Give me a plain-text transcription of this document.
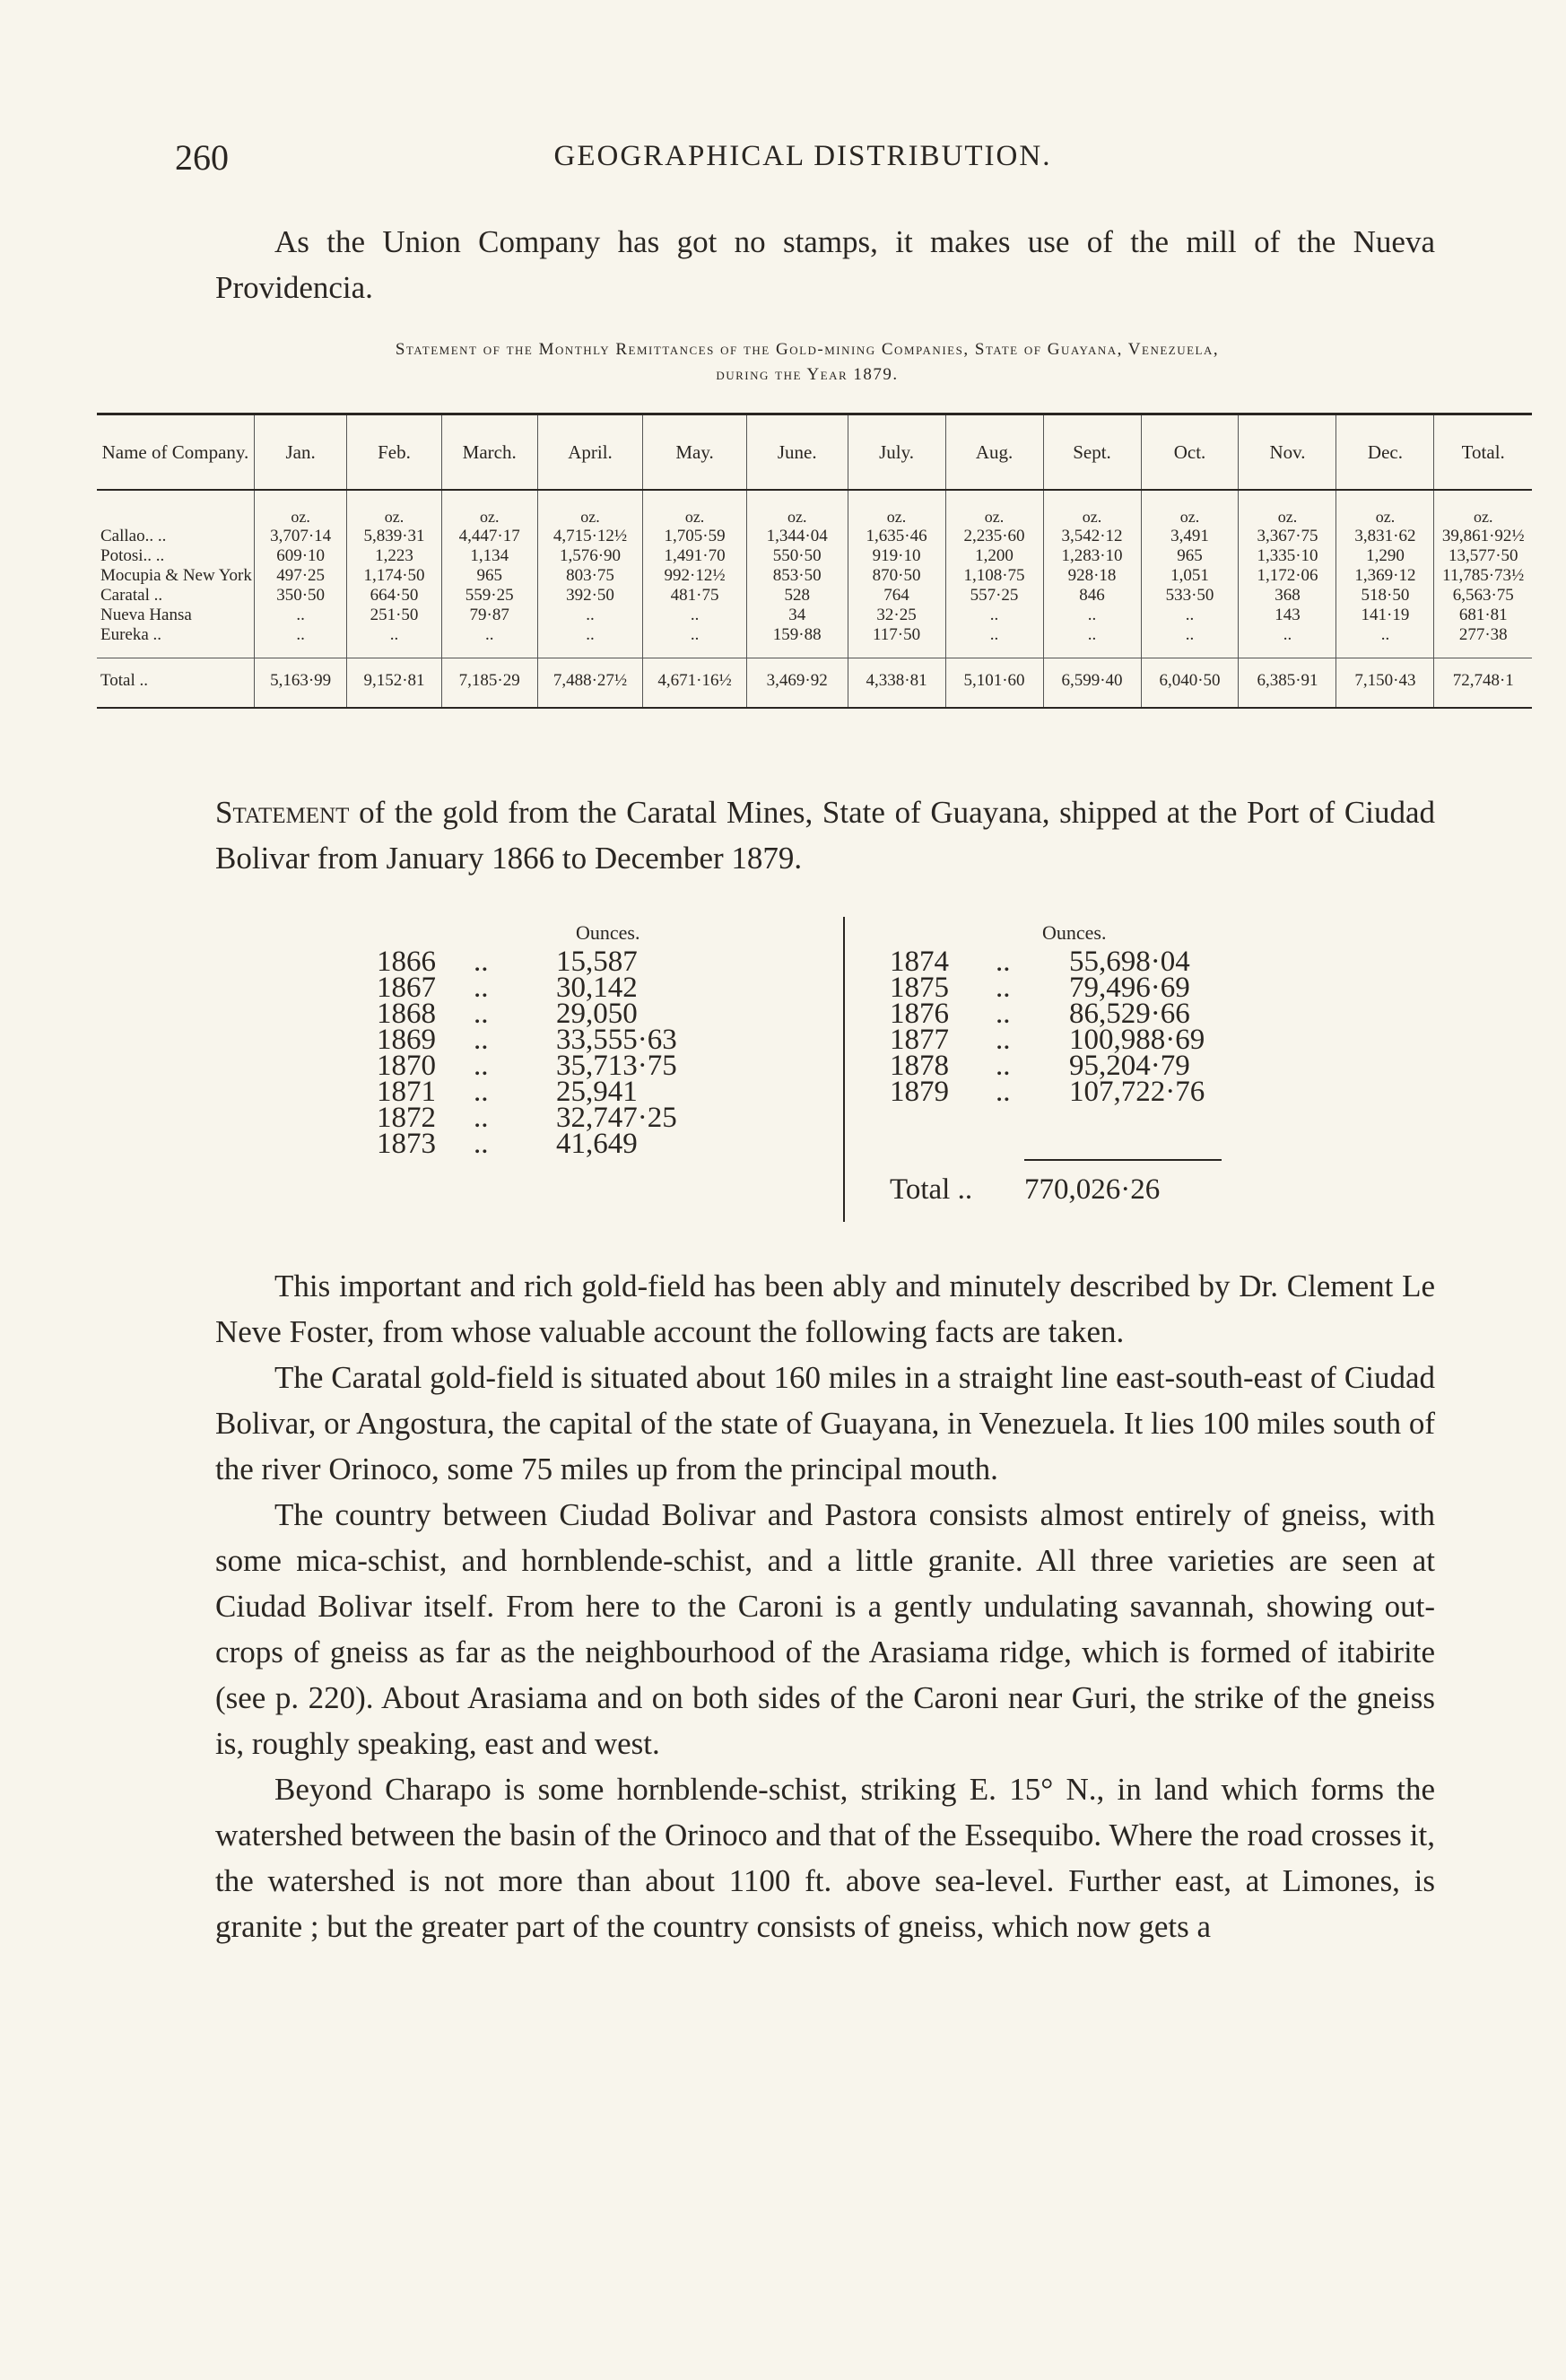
260	GEOGRAPHICAL DISTRIBUTION.

As the Union Company has got no stamps, it makes use of the mill of the Nueva Providencia.

Statement of the Monthly Remittances of the Gold-mining Companies, State of Guayana, Venezuela,
during the Year 1879.
Name of Company.	Jan.	Feb.	March.	April.	May.	June.	July.	Aug.	Sept.	Oct.	Nov.	Dec.	Total.
	oz.	oz.	oz.	oz.	oz.	oz.	oz.	oz.	oz.	oz.	oz.	oz.	oz.
Callao.. ..	3,707·14	5,839·31	4,447·17	4,715·12½	1,705·59	1,344·04	1,635·46	2,235·60	3,542·12	3,491	3,367·75	3,831·62	39,861·92½
Potosi.. ..	609·10	1,223	1,134	1,576·90	1,491·70	550·50	919·10	1,200	1,283·10	965	1,335·10	1,290	13,577·50
Mocupia & New York	497·25	1,174·50	965	803·75	992·12½	853·50	870·50	1,108·75	928·18	1,051	1,172·06	1,369·12	11,785·73½
Caratal ..	350·50	664·50	559·25	392·50	481·75	528	764	557·25	846	533·50	368	518·50	6,563·75
Nueva Hansa	..	251·50	79·87	..	..	34	32·25	..	..	..	143	141·19	681·81
Eureka ..	..	..	..	..	..	159·88	117·50	..	..	..	..	..	277·38
Total ..	5,163·99	9,152·81	7,185·29	7,488·27½	4,671·16½	3,469·92	4,338·81	5,101·60	6,599·40	6,040·50	6,385·91	7,150·43	72,748·1

Statement of the gold from the Caratal Mines, State of Guayana, shipped at the Port of Ciudad Bolivar from January 1866 to December 1879.

Ounces.
1866 .. 15,587
1867 .. 30,142
1868 .. 29,050
1869 .. 33,555·63
1870 .. 35,713·75
1871 .. 25,941
1872 .. 32,747·25
1873 .. 41,649
Ounces.
1874 .. 55,698·04
1875 .. 79,496·69
1876 .. 86,529·66
1877 .. 100,988·69
1878 .. 95,204·79
1879 .. 107,722·76
Total .. 770,026·26

This important and rich gold-field has been ably and minutely described by Dr. Clement Le Neve Foster, from whose valuable account the following facts are taken.

The Caratal gold-field is situated about 160 miles in a straight line east-south-east of Ciudad Bolivar, or Angostura, the capital of the state of Guayana, in Venezuela. It lies 100 miles south of the river Orinoco, some 75 miles up from the principal mouth.

The country between Ciudad Bolivar and Pastora consists almost entirely of gneiss, with some mica-schist, and hornblende-schist, and a little granite. All three varieties are seen at Ciudad Bolivar itself. From here to the Caroni is a gently undulating savannah, showing out-crops of gneiss as far as the neighbourhood of the Arasiama ridge, which is formed of itabirite (see p. 220). About Arasiama and on both sides of the Caroni near Guri, the strike of the gneiss is, roughly speaking, east and west.

Beyond Charapo is some hornblende-schist, striking E. 15° N., in land which forms the watershed between the basin of the Orinoco and that of the Essequibo. Where the road crosses it, the watershed is not more than about 1100 ft. above sea-level. Further east, at Limones, is granite ; but the greater part of the country consists of gneiss, which now gets a
